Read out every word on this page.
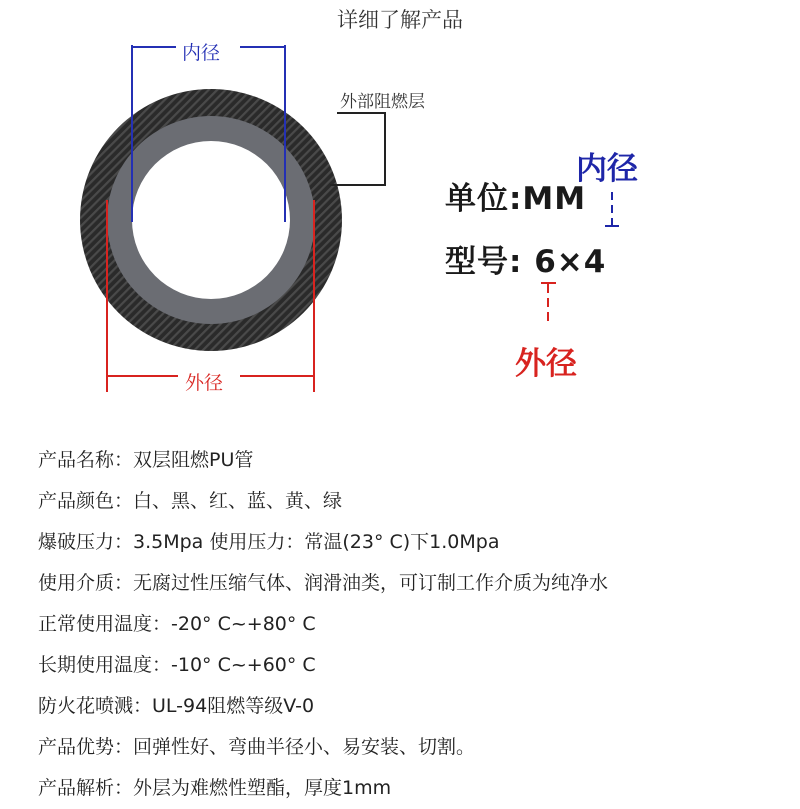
详细了解产品
内径
外径
外部阻燃层
单位:MM
型号: 6×4
内径
外径
产品名称：双层阻燃PU管
产品颜色：白、黑、红、蓝、黄、绿
爆破压力：3.5Mpa 使用压力：常温(23° C)下1.0Mpa
使用介质：无腐过性压缩气体、润滑油类，可订制工作介质为纯净水
正常使用温度：-20° C~+80° C
长期使用温度：-10° C~+60° C
防火花喷溅：UL-94阻燃等级V-0
产品优势：回弹性好、弯曲半径小、易安装、切割。
产品解析：外层为难燃性塑酯，厚度1mm
